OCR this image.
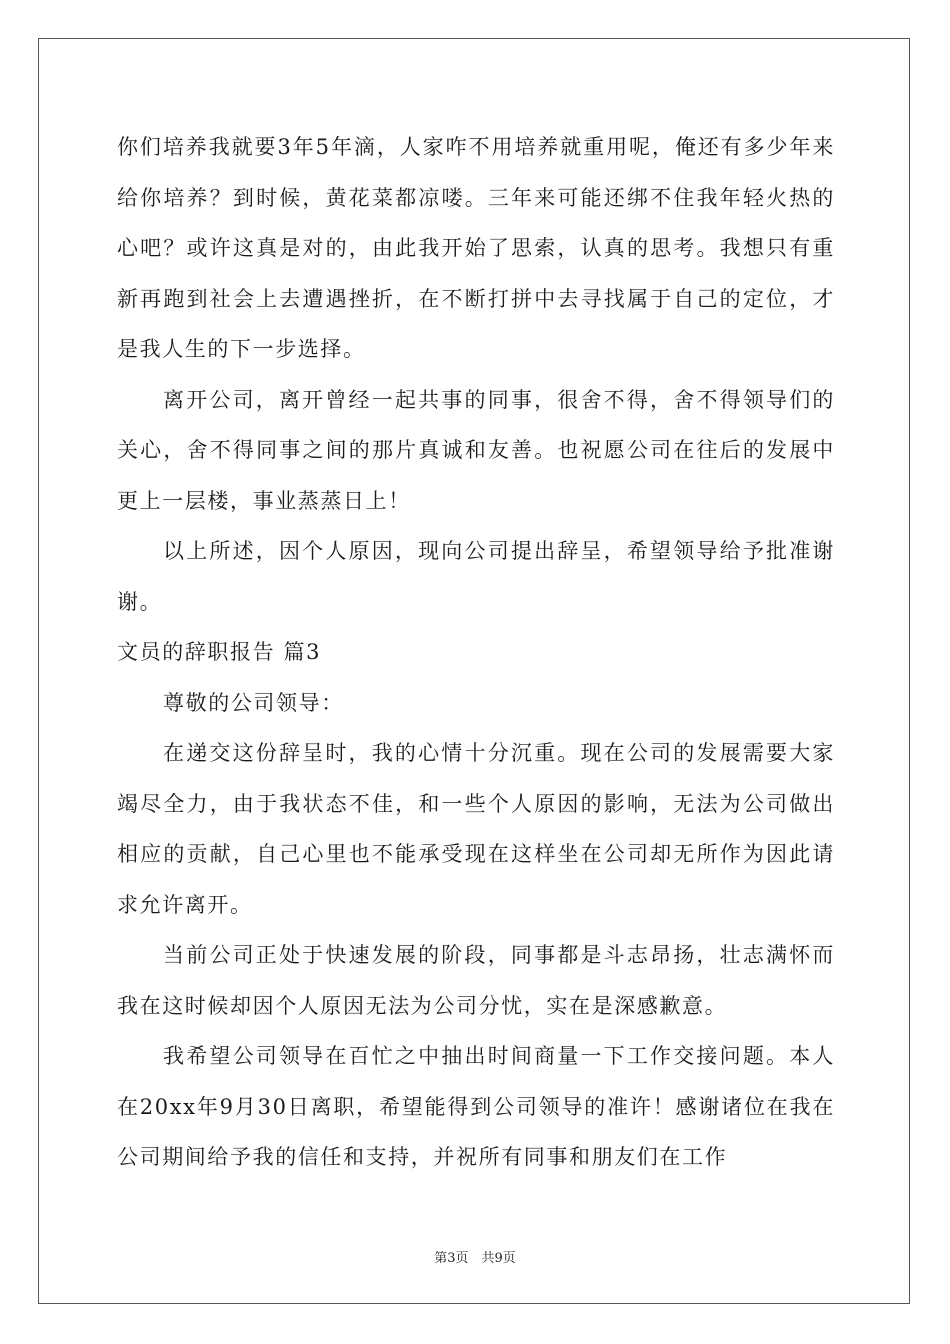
你们培养我就要3年5年滴，人家咋不用培养就重用呢，俺还有多少年来给你培养？到时候，黄花菜都凉喽。三年来可能还绑不住我年轻火热的心吧？或许这真是对的，由此我开始了思索，认真的思考。我想只有重新再跑到社会上去遭遇挫折，在不断打拼中去寻找属于自己的定位，才是我人生的下一步选择。

离开公司，离开曾经一起共事的同事，很舍不得，舍不得领导们的关心，舍不得同事之间的那片真诚和友善。也祝愿公司在往后的发展中更上一层楼，事业蒸蒸日上！

以上所述，因个人原因，现向公司提出辞呈，希望领导给予批准谢谢。

文员的辞职报告 篇3

尊敬的公司领导：

在递交这份辞呈时，我的心情十分沉重。现在公司的发展需要大家竭尽全力，由于我状态不佳，和一些个人原因的影响，无法为公司做出相应的贡献，自己心里也不能承受现在这样坐在公司却无所作为因此请求允许离开。

当前公司正处于快速发展的阶段，同事都是斗志昂扬，壮志满怀而我在这时候却因个人原因无法为公司分忧，实在是深感歉意。

我希望公司领导在百忙之中抽出时间商量一下工作交接问题。本人在20xx年9月30日离职，希望能得到公司领导的准许！感谢诸位在我在公司期间给予我的信任和支持，并祝所有同事和朋友们在工作

第3页　共9页
